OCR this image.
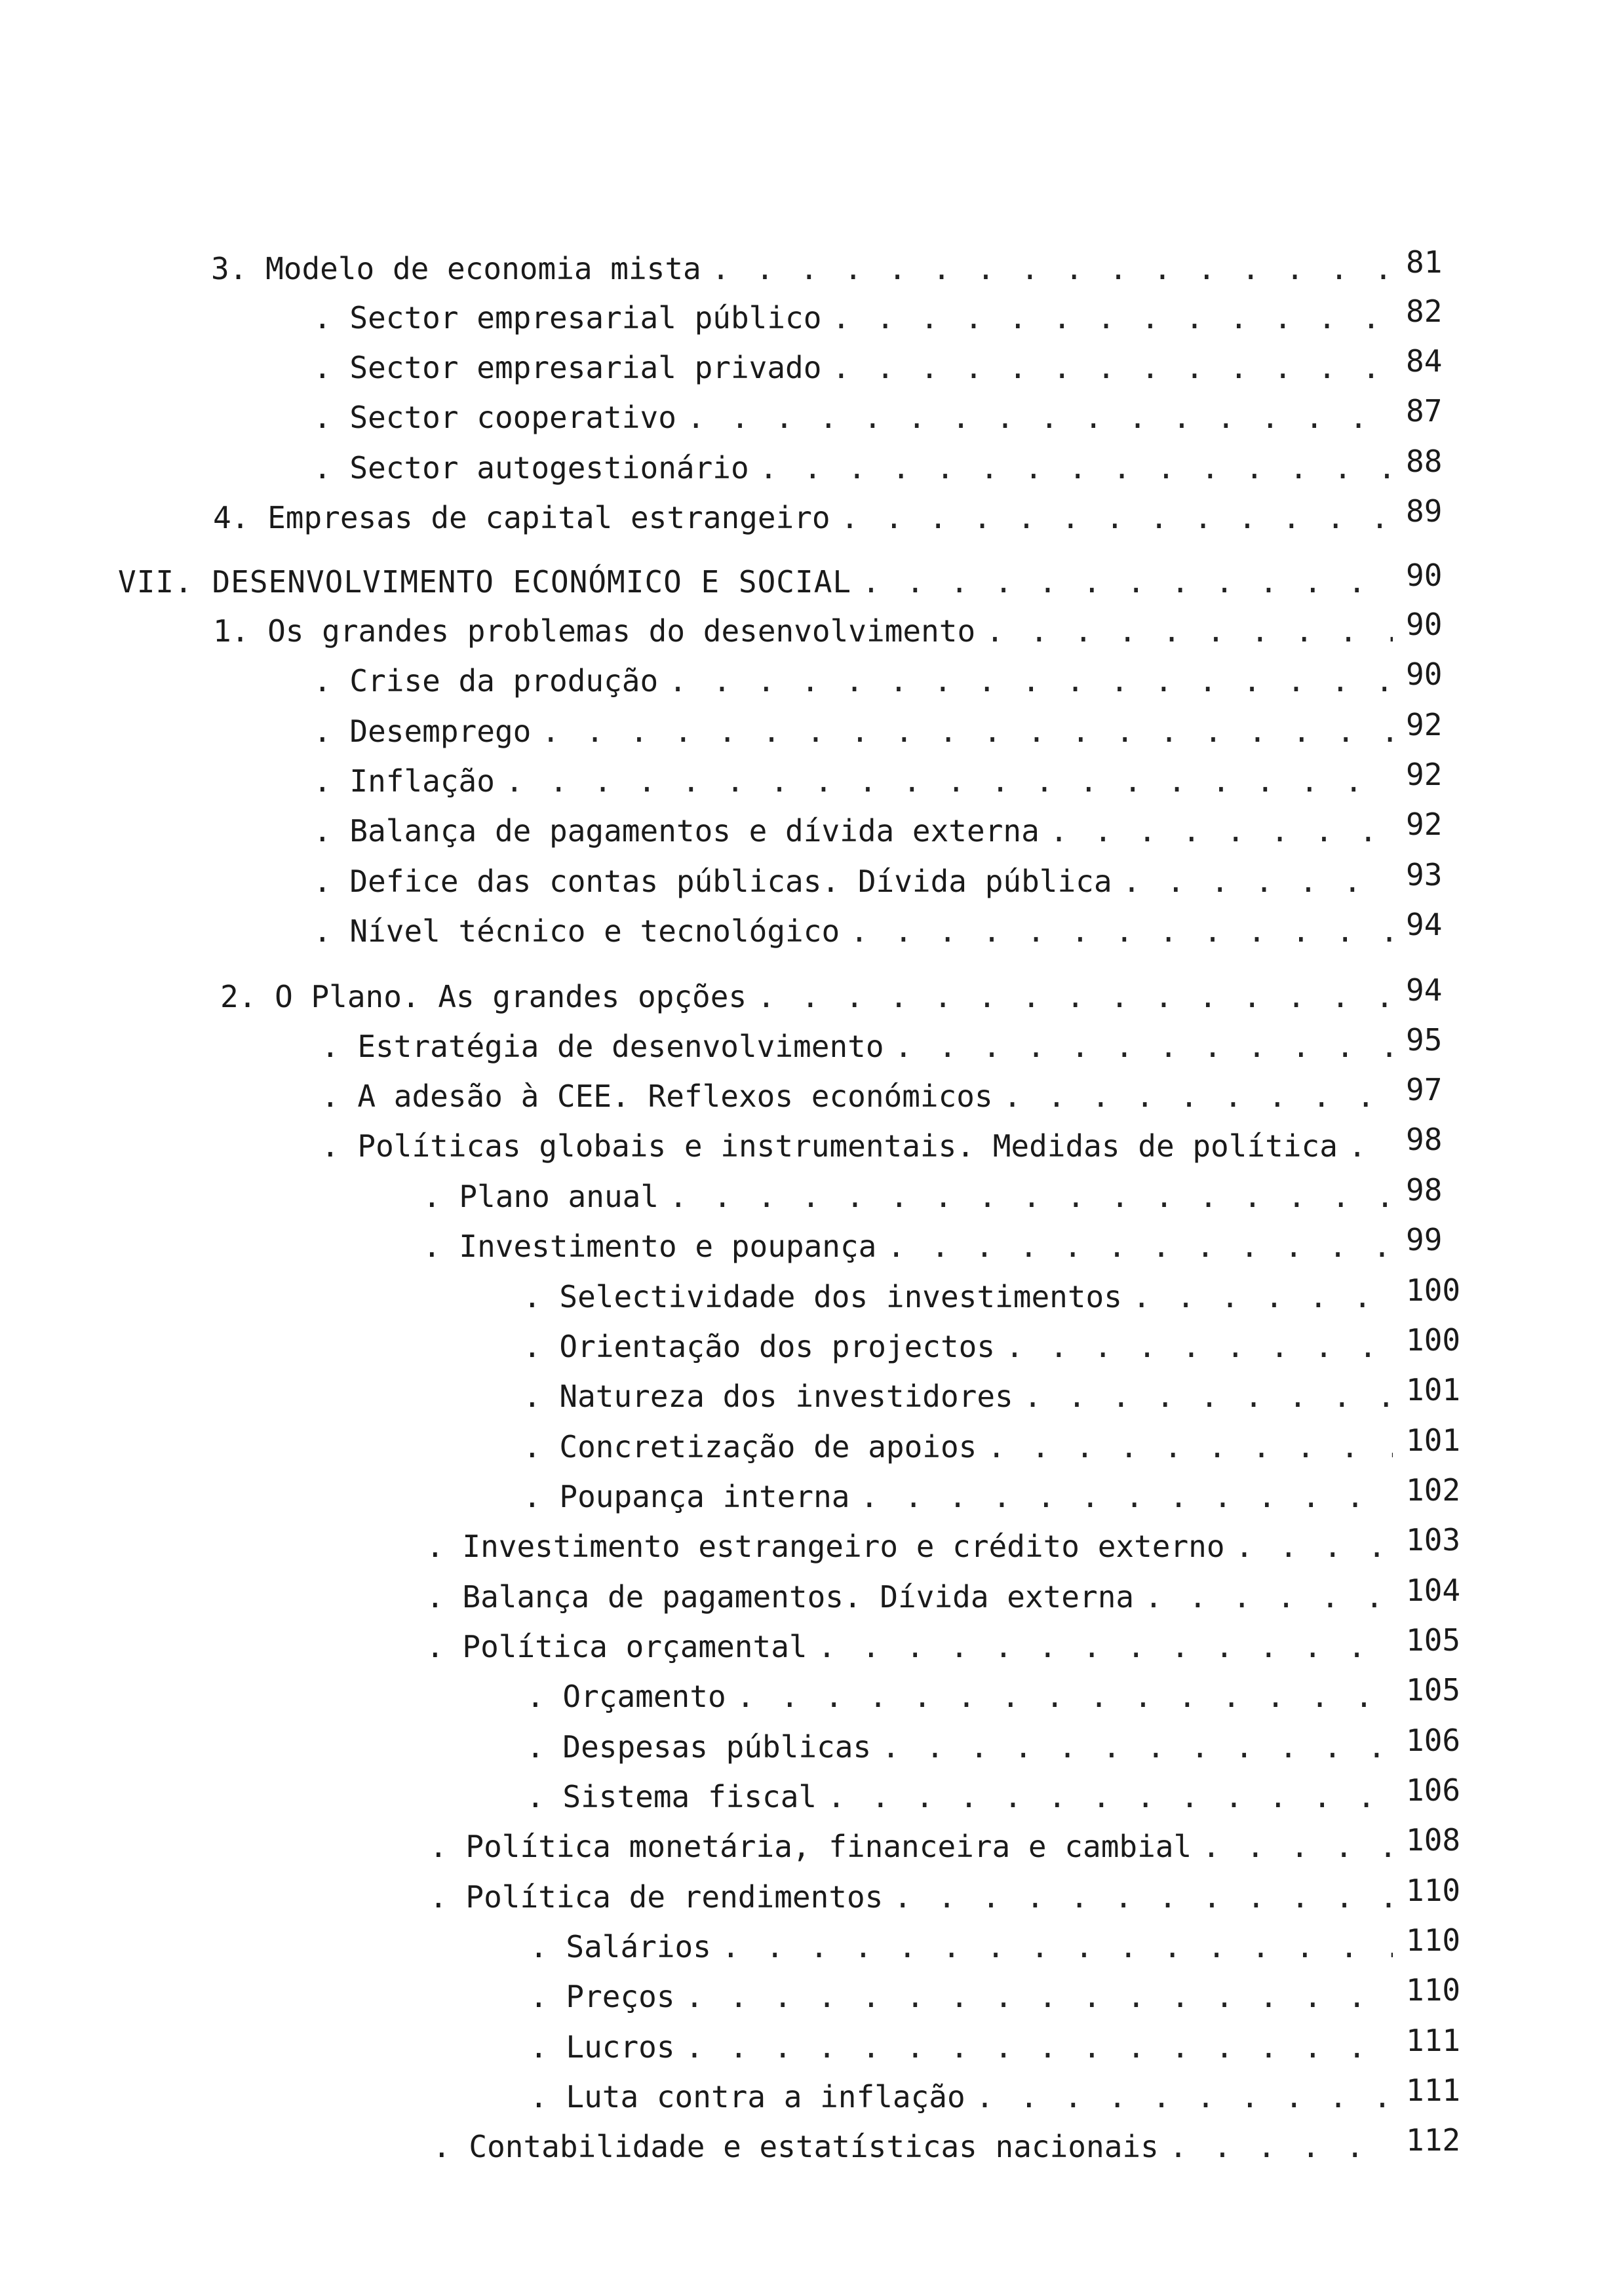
3. Modelo de economia mista . . .	81
. Sector empresarial público . . .	82
. Sector empresarial privado . . .	84
. Sector cooperativo . . .	87
. Sector autogestionário . . .	88
4. Empresas de capital estrangeiro . . .	89
VII. DESENVOLVIMENTO ECONÓMICO E SOCIAL . . .	90
1. Os grandes problemas do desenvolvimento . . .	90
. Crise da produção . . .	90
. Desemprego . . .	92
. Inflação . . .	92
. Balança de pagamentos e dívida externa . . .	92
. Defice das contas públicas. Dívida pública . . .	93
. Nível técnico e tecnológico . . .	94
2. O Plano. As grandes opções . . .	94
. Estratégia de desenvolvimento . . .	95
. A adesão à CEE. Reflexos económicos . . .	97
. Políticas globais e instrumentais. Medidas de política . . .	98
. Plano anual . . .	98
. Investimento e poupança . . .	99
. Selectividade dos investimentos . . .	100
. Orientação dos projectos . . .	100
. Natureza dos investidores . . .	101
. Concretização de apoios . . .	101
. Poupança interna . . .	102
. Investimento estrangeiro e crédito externo . . .	103
. Balança de pagamentos. Dívida externa . . .	104
. Política orçamental . . .	105
. Orçamento . . .	105
. Despesas públicas . . .	106
. Sistema fiscal . . .	106
. Política monetária, financeira e cambial . . .	108
. Política de rendimentos . . .	110
. Salários . . .	110
. Preços . . .	110
. Lucros . . .	111
. Luta contra a inflação . . .	111
. Contabilidade e estatísticas nacionais . . .	112
